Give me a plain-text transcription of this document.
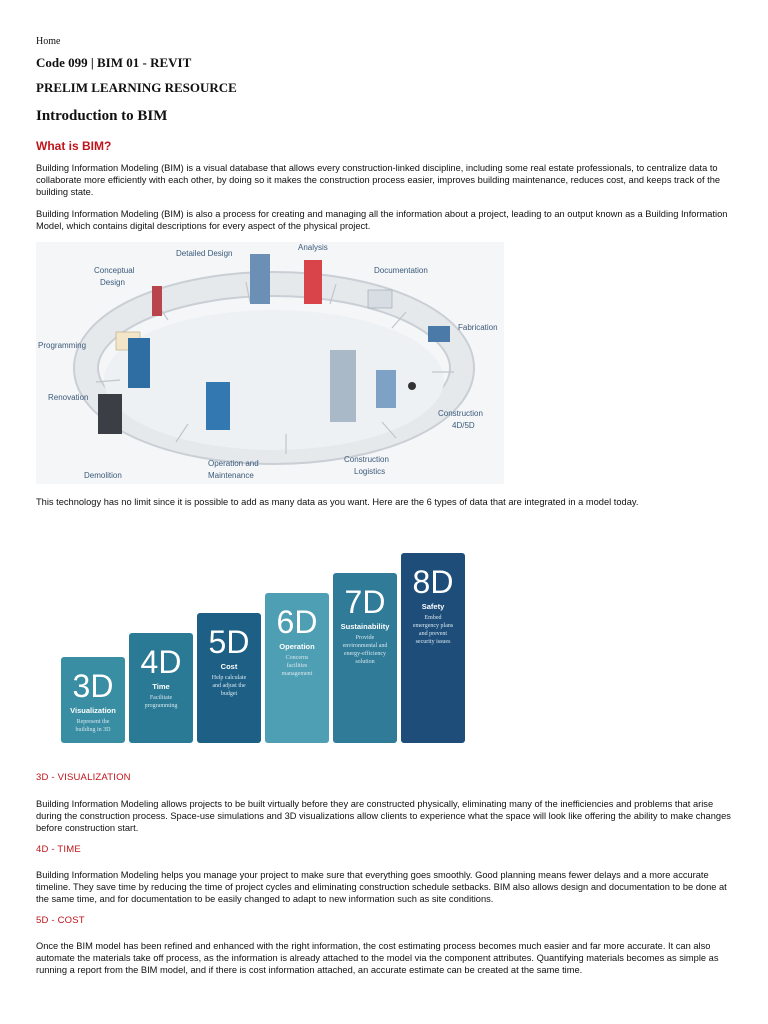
Home
Code 099 | BIM 01 - REVIT
PRELIM LEARNING RESOURCE
Introduction to BIM
What is BIM?

Building Information Modeling (BIM) is a visual database that allows every construction-linked discipline, including some real estate professionals, to centralize data to collaborate more efficiently with each other, by doing so it makes the construction process easier, improves building maintenance, reduces cost, and keeps track of the building state.

Building Information Modeling (BIM) is also a process for creating and managing all the information about a project, leading to an output known as a Building Information Model, which contains digital descriptions for every aspect of the physical project.

Conceptual
Design
Detailed Design
Analysis
Documentation
Fabrication
Programming
Renovation
Construction
4D/5D
Demolition
Operation and
Maintenance
Construction
Logistics

This technology has no limit since it is possible to add as many data as you want. Here are the 6 types of data that are integrated in a model today.

3D
Visualization
Represent the
building in 3D
4D
Time
Facilitate
programming
5D
Cost
Help calculate
and adjust the
budget
6D
Operation
Concerns
facilities
management
7D
Sustainability
Provide
environmental and
energy-efficiency
solution
8D
Safety
Embed
emergency plans
and prevent
security issues
3D - VISUALIZATION

Building Information Modeling allows projects to be built virtually before they are constructed physically, eliminating many of the inefficiencies and problems that arise during the construction process. Space-use simulations and 3D visualizations allow clients to experience what the space will look like offering the ability to make changes before construction start.

4D - TIME

Building Information Modeling helps you manage your project to make sure that everything goes smoothly. Good planning means fewer delays and a more accurate timeline. They save time by reducing the time of project cycles and eliminating construction schedule setbacks. BIM also allows design and documentation to be done at the same time, and for documentation to be easily changed to adapt to new information such as site conditions.

5D - COST

Once the BIM model has been refined and enhanced with the right information, the cost estimating process becomes much easier and far more accurate. It can also automate the materials take off process, as the information is already attached to the model via the component attributes. Quantifying materials becomes as simple as running a report from the BIM model, and if there is cost information attached, an accurate estimate can be created at the same time.
